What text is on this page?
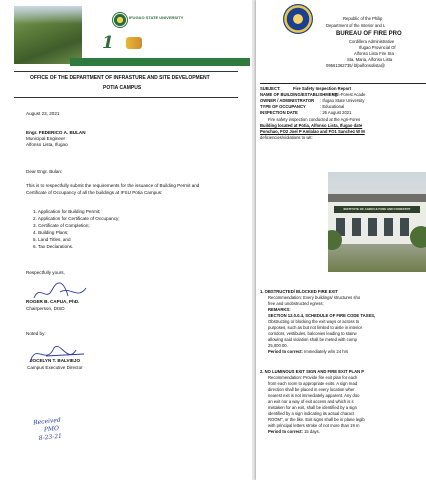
IFUGAO STATE UNIVERSITY
1
OFFICE OF THE DEPARTMENT OF INFRASTURE AND SITE DEVELOPMENT
POTIA CAMPUS
August 23, 2021
Engr. FEDERICO A. BULAN
Municipal Engineer
Alfonso Lista, Ifugao
Dear Engr. Bulan:
This is to respectfully submit the requirements for the issuance of Building Permit and
Certificate of Occupancy of all the buildings at IFSU Potia Campus:
1. Application for Building Permit;
2. Application for Certificate of Occupancy;
3. Certificate of Completion;
4. Building Plans;
5. Land Titles, and
6. Tax Declarations.
Respectfully yours,
ROGER B. CAPUA, PhD.
Chairperson, DISD
Noted by:
JOCELYN T. BALVIEJO
Campus Executive Director
Received
PMO
8-23-21
Republic of the Philip
Department of the Interior and L
BUREAU OF FIRE PRO
Cordillera Administrative
Ifugao Provincial Of
Alfonso Lista Fire Sta
Sta. Maria, Alfonso Lista
09561362735/ bfpalfonsolista@
SUBJECT:	Fire Safety Inspection Report
NAME OF BUILDING/ESTABLISHMENT:
Agri-Forest Acade
OWNER / ADMINISTRATOR : Ifugao State University
TYPE OF OCCUPANCY	: Educational
INSPECTION DATE	: 26 August 2021
Fire safety inspection conducted at the Agri-Fores
Building located at Potia, Alfonso Lista, Ifugao date
Ponchao, FO2 Joel P Amlalao and FO1 Sanchez W M
deficiencies/violations to wit:
INSTITUTE OF AGRICULTURE AND FORESTRY
1. OBSTRUCTED/ BLOCKED FIRE EXIT
Recommendation: Every buildings/ structures sho
free and unobstructed egress;
REMARKS:
SECTION 12.0.0.4, SCHEDULE OF FIRE CODE TAXES,
Obstructing or blocking the exit ways or across to
purposes, such as but not limited to aisle in interior
corridors, vestibules, balconies leading to stairw
allowing said violation shall be meted with comp
25,000.00.
Period to correct: Immediately w/in 24 hrs
2. NO LUMINOUS EXIT SIGN AND FIRE EXIT PLAN P
Recommendation: Provide fire exit plan for each
from each room to appropriate exits. A sign read
direction shall be placed in every location wher
nearest exit is not immediately apparent. Any doo
an exit nor a way of exit access and which is s
mistaken for an exit, shall be identified by a sign
identified by a sign indicating its actual charact
ROOM", or the like. Exit signs shall be in plane legib
with principal letters stroke of not more than 19 m
Period to correct: 15 days.
